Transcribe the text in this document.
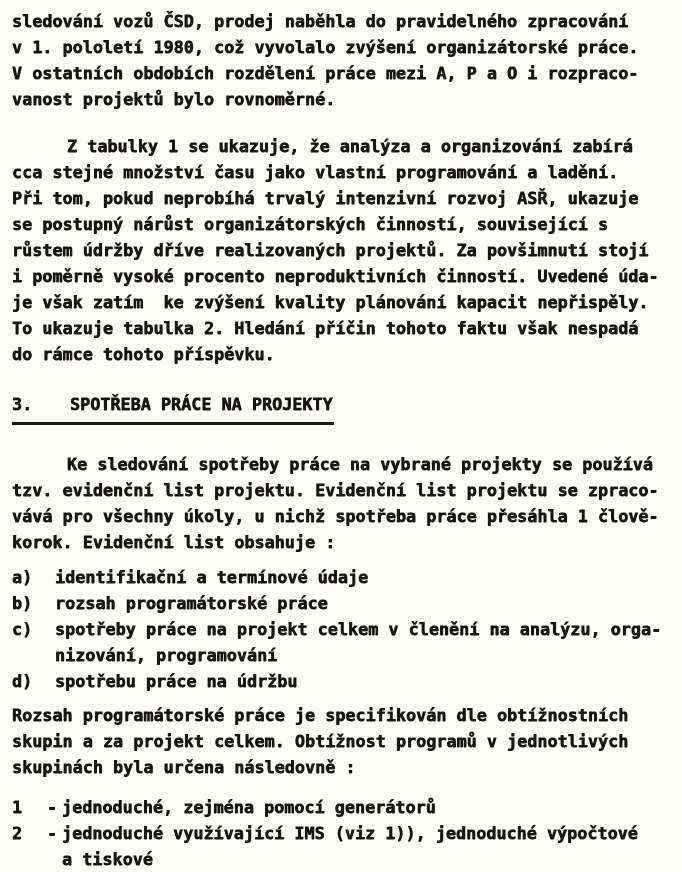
sledování vozů ČSD, prodej naběhla do pravidelného zpracování
v 1. pololetí 1980, což vyvolalo zvýšení organizátorské práce.
V ostatních obdobích rozdělení práce mezi A, P a O i rozpraco-
vanost projektů bylo rovnoměrné.
Z tabulky 1 se ukazuje, že analýza a organizování zabírá
cca stejné množství času jako vlastní programování a ladění.
Při tom, pokud neprobíhá trvalý intenzivní rozvoj ASŘ, ukazuje
se postupný nárůst organizátorských činností, související s
růstem údržby dříve realizovaných projektů. Za povšimnutí stojí
i poměrně vysoké procento neproduktivních činností. Uvedené úda-
je však zatím  ke zvýšení kvality plánování kapacit nepřispěly.
To ukazuje tabulka 2. Hledání příčin tohoto faktu však nespadá
do rámce tohoto příspěvku.
3.	SPOTŘEBA PRÁCE NA PROJEKTY
Ke sledování spotřeby práce na vybrané projekty se používá
tzv. evidenční list projektu. Evidenční list projektu se zpraco-
vává pro všechny úkoly, u nichž spotřeba práce přesáhla 1 člově-
korok. Evidenční list obsahuje :
a)	identifikační a termínové údaje
b)	rozsah programátorské práce
c)	spotřeby práce na projekt celkem v členění na analýzu, orga-
nizování, programování
d)	spotřebu práce na údržbu
Rozsah programátorské práce je specifikován dle obtížnostních
skupin a za projekt celkem. Obtížnost programů v jednotlivých
skupinách byla určena následovně :
1	- jednoduché, zejména pomocí generátorů
2	- jednoduché využívající IMS (viz 1)), jednoduché výpočtové
a tiskové
